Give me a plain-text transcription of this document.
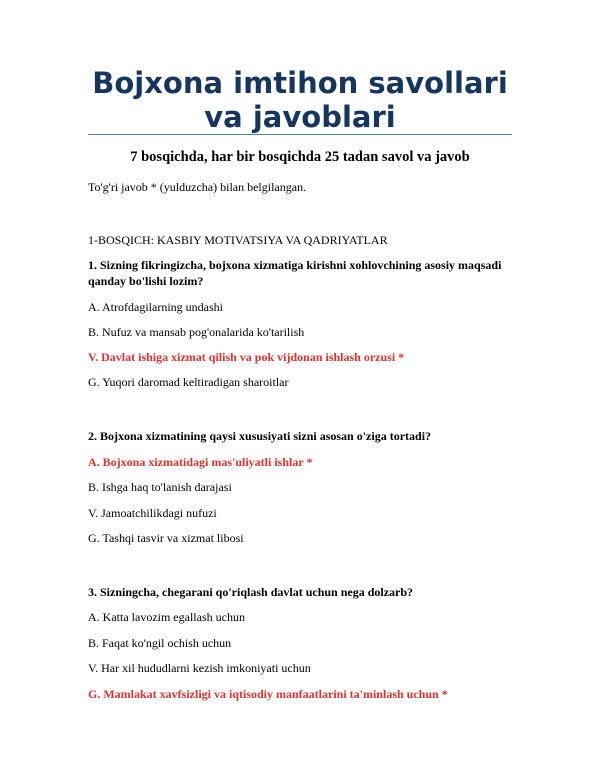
Bojxona imtihon savollari va javoblari
7 bosqichda, har bir bosqichda 25 tadan savol va javob
To'g'ri javob * (yulduzcha) bilan belgilangan.
1-BOSQICH: KASBIY MOTIVATSIYA VA QADRIYATLAR
1. Sizning fikringizcha, bojxona xizmatiga kirishni xohlovchining asosiy maqsadi qanday bo'lishi lozim?
A. Atrofdagilarning undashi
B. Nufuz va mansab pog'onalarida ko'tarilish
V. Davlat ishiga xizmat qilish va pok vijdonan ishlash orzusi *
G. Yuqori daromad keltiradigan sharoitlar
2. Bojxona xizmatining qaysi xususiyati sizni asosan o'ziga tortadi?
A. Bojxona xizmatidagi mas'uliyatli ishlar *
B. Ishga haq to'lanish darajasi
V. Jamoatchilikdagi nufuzi
G. Tashqi tasvir va xizmat libosi
3. Sizningcha, chegarani qo'riqlash davlat uchun nega dolzarb?
A. Katta lavozim egallash uchun
B. Faqat ko'ngil ochish uchun
V. Har xil hududlarni kezish imkoniyati uchun
G. Mamlakat xavfsizligi va iqtisodiy manfaatlarini ta'minlash uchun *
